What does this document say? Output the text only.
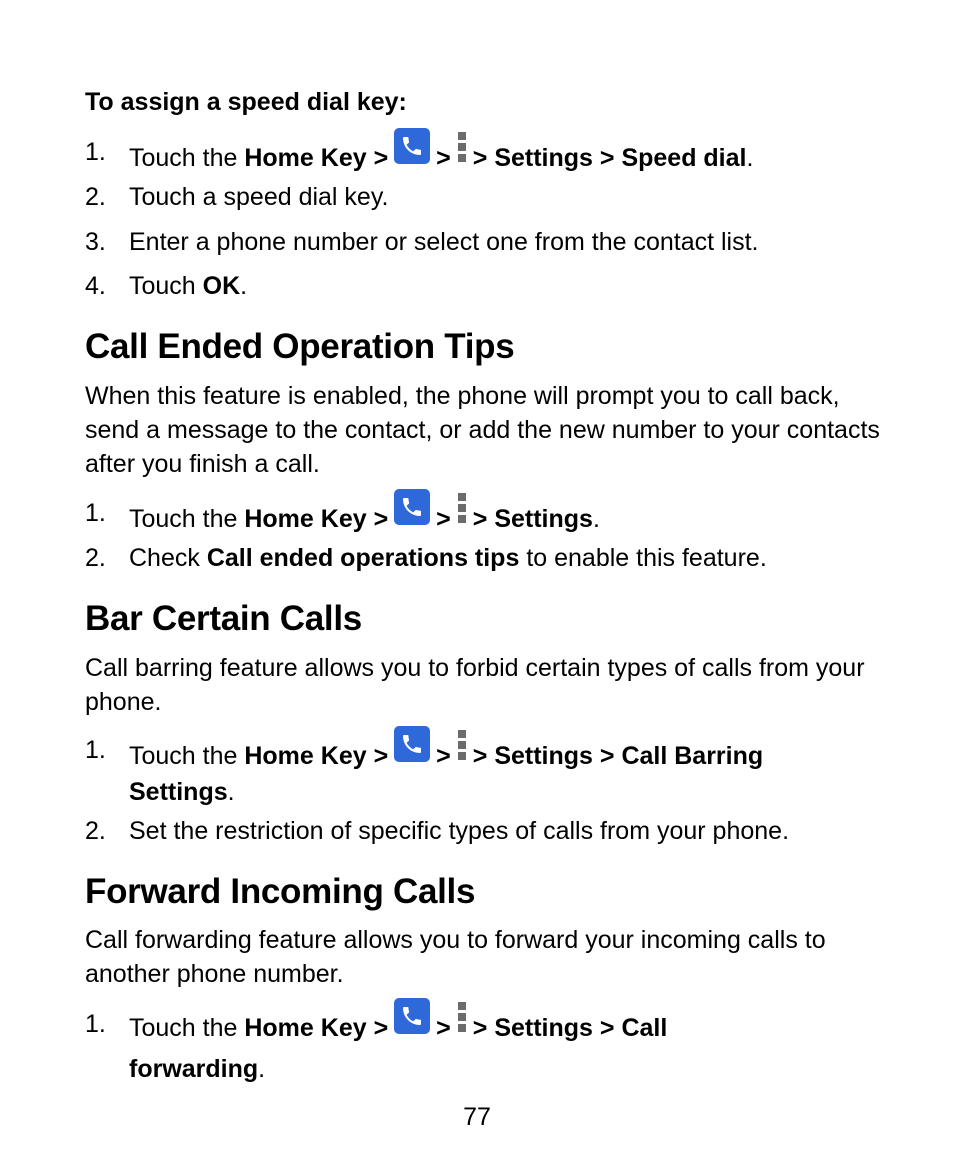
To assign a speed dial key:
1. Touch the Home Key > > > Settings > Speed dial.
2. Touch a speed dial key.
3. Enter a phone number or select one from the contact list.
4. Touch OK.
Call Ended Operation Tips
When this feature is enabled, the phone will prompt you to call back, send a message to the contact, or add the new number to your contacts after you finish a call.
1. Touch the Home Key > > > Settings.
2. Check Call ended operations tips to enable this feature.
Bar Certain Calls
Call barring feature allows you to forbid certain types of calls from your phone.
1. Touch the Home Key > > > Settings > Call Barring
Settings.
2. Set the restriction of specific types of calls from your phone.
Forward Incoming Calls
Call forwarding feature allows you to forward your incoming calls to another phone number.
1. Touch the Home Key > > > Settings > Call
forwarding.
77
